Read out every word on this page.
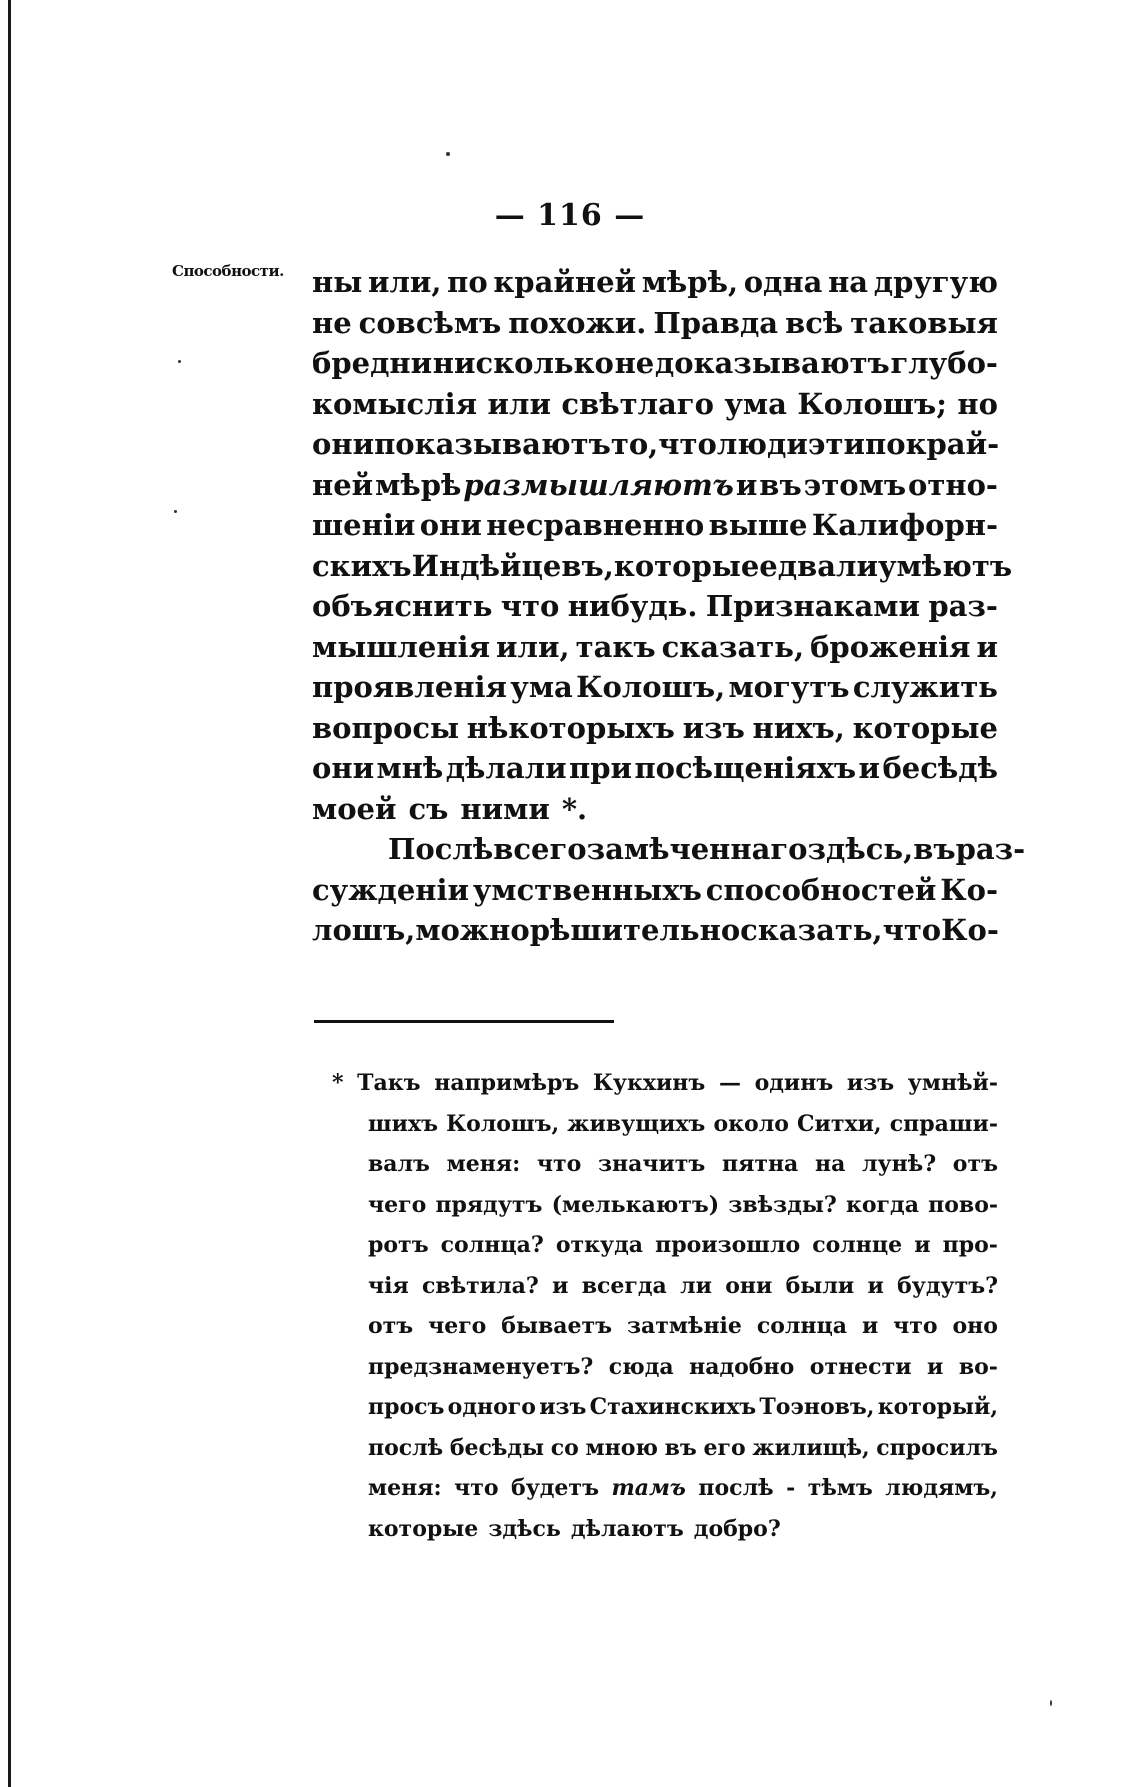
— 116 —
Способности. ны или, по крайней мѣрѣ, одна на другую
не совсѣмъ похожи. Правда всѣ таковыя
бредни нисколько не доказываютъ глубо-
комыслія или свѣтлаго ума Колошъ; но
они показываютъ то, что люди эти по край-
ней мѣрѣ размышляютъ и въ этомъ отно-
шеніи они несравненно выше Калифорн-
скихъ Индѣйцевъ, которые едвали умѣютъ
объяснить что нибудь. Признаками раз-
мышленія или, такъ сказать, броженія и
проявленія ума Колошъ, могутъ служить
вопросы нѣкоторыхъ изъ нихъ, которые
они мнѣ дѣлали при посѣщеніяхъ и бесѣдѣ
моей съ ними *.
Послѣ всего замѣченнаго здѣсь, въ раз-
сужденіи умственныхъ способностей Ко-
лошъ, можно рѣшительно сказать, что Ко-
* Такъ напримѣръ Кукхинъ — одинъ изъ умнѣй-
шихъ Колошъ, живущихъ около Ситхи, спраши-
валъ меня: что значитъ пятна на лунѣ? отъ
чего прядутъ (мелькаютъ) звѣзды? когда пово-
ротъ солнца? откуда произошло солнце и про-
чія свѣтила? и всегда ли они были и будутъ?
отъ чего бываетъ затмѣніе солнца и что оно
предзнаменуетъ? сюда надобно отнести и во-
просъ одного изъ Стахинскихъ Тоэновъ, который,
послѣ бесѣды со мною въ его жилищѣ, спросилъ
меня: что будетъ тамъ послѣ - тѣмъ людямъ,
которые здѣсь дѣлаютъ добро?
